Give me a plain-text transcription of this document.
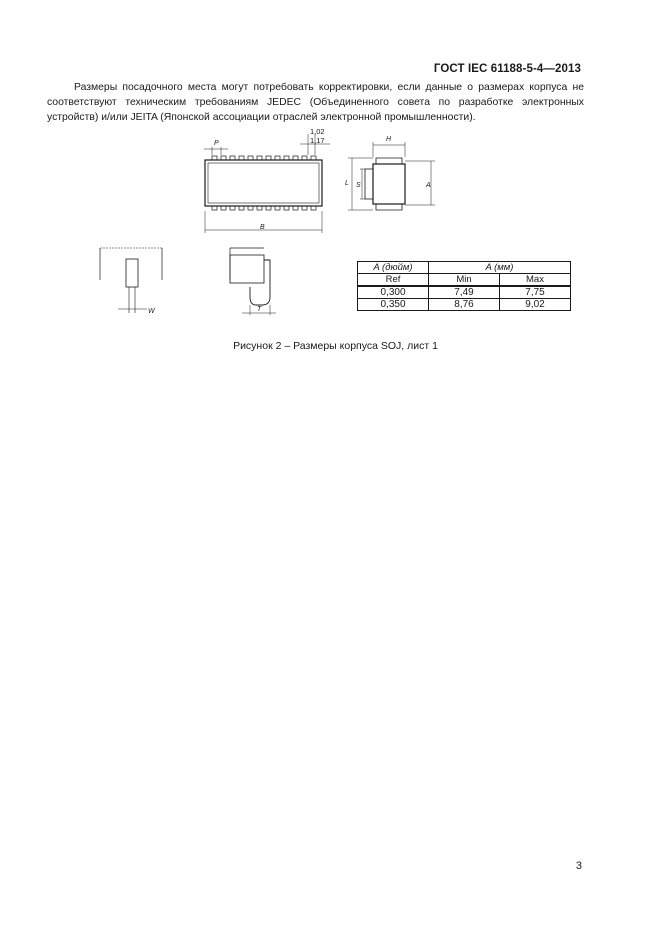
ГОСТ IEC 61188-5-4—2013
Размеры посадочного места могут потребовать корректировки, если данные о размерах корпуса не соответствуют техническим требованиям JEDEC (Объединенного совета по разработке электронных устройств) и/или JEITA (Японской ассоциации отраслей электронной промышленности).
P
1,02
1,17	H
L S	A
B
W	T
A (дюйм)	A (мм)	
Ref	Min	Max
0,300	7,49	7,75
0,350	8,76	9,02
Рисунок 2 – Размеры корпуса SOJ, лист 1
3
